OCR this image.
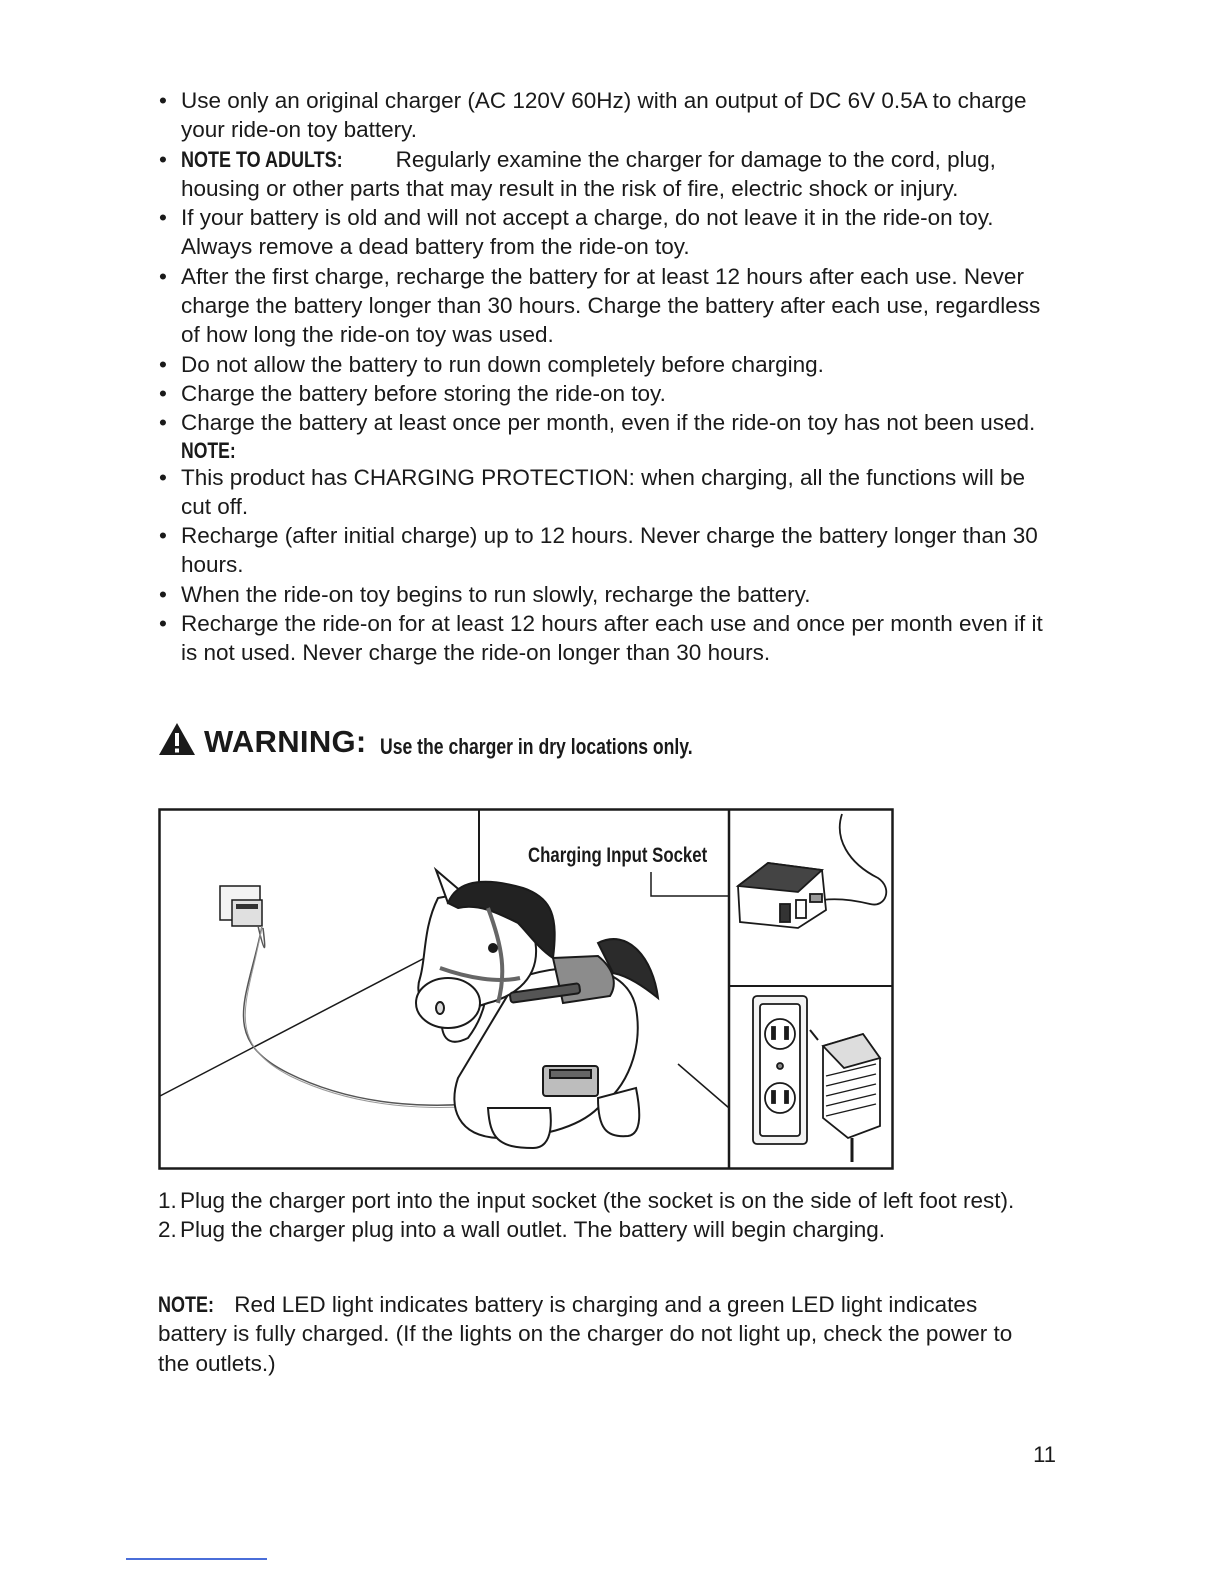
• Use only an original charger (AC 120V 60Hz) with an output of DC 6V 0.5A to charge your ride-on toy battery.
• NOTE TO ADULTS: Regularly examine the charger for damage to the cord, plug, housing or other parts that may result in the risk of fire, electric shock or injury.
• If your battery is old and will not accept a charge, do not leave it in the ride-on toy. Always remove a dead battery from the ride-on toy.
• After the first charge, recharge the battery for at least 12 hours after each use. Never charge the battery longer than 30 hours. Charge the battery after each use, regardless of how long the ride-on toy was used.
• Do not allow the battery to run down completely before charging.
• Charge the battery before storing the ride-on toy.
• Charge the battery at least once per month, even if the ride-on toy has not been used.
NOTE:
• This product has CHARGING PROTECTION: when charging, all the functions will be cut off.
• Recharge (after initial charge) up to 12 hours. Never charge the battery longer than 30 hours.
• When the ride-on toy begins to run slowly, recharge the battery.
• Recharge the ride-on for at least 12 hours after each use and once per month even if it is not used. Never charge the ride-on longer than 30 hours.
WARNING: Use the charger in dry locations only.
Charging Input Socket
1. Plug the charger port into the input socket (the socket is on the side of left foot rest).
2. Plug the charger plug into a wall outlet. The battery will begin charging.
NOTE: Red LED light indicates battery is charging and a green LED light indicates battery is fully charged. (If the lights on the charger do not light up, check the power to the outlets.)
11
